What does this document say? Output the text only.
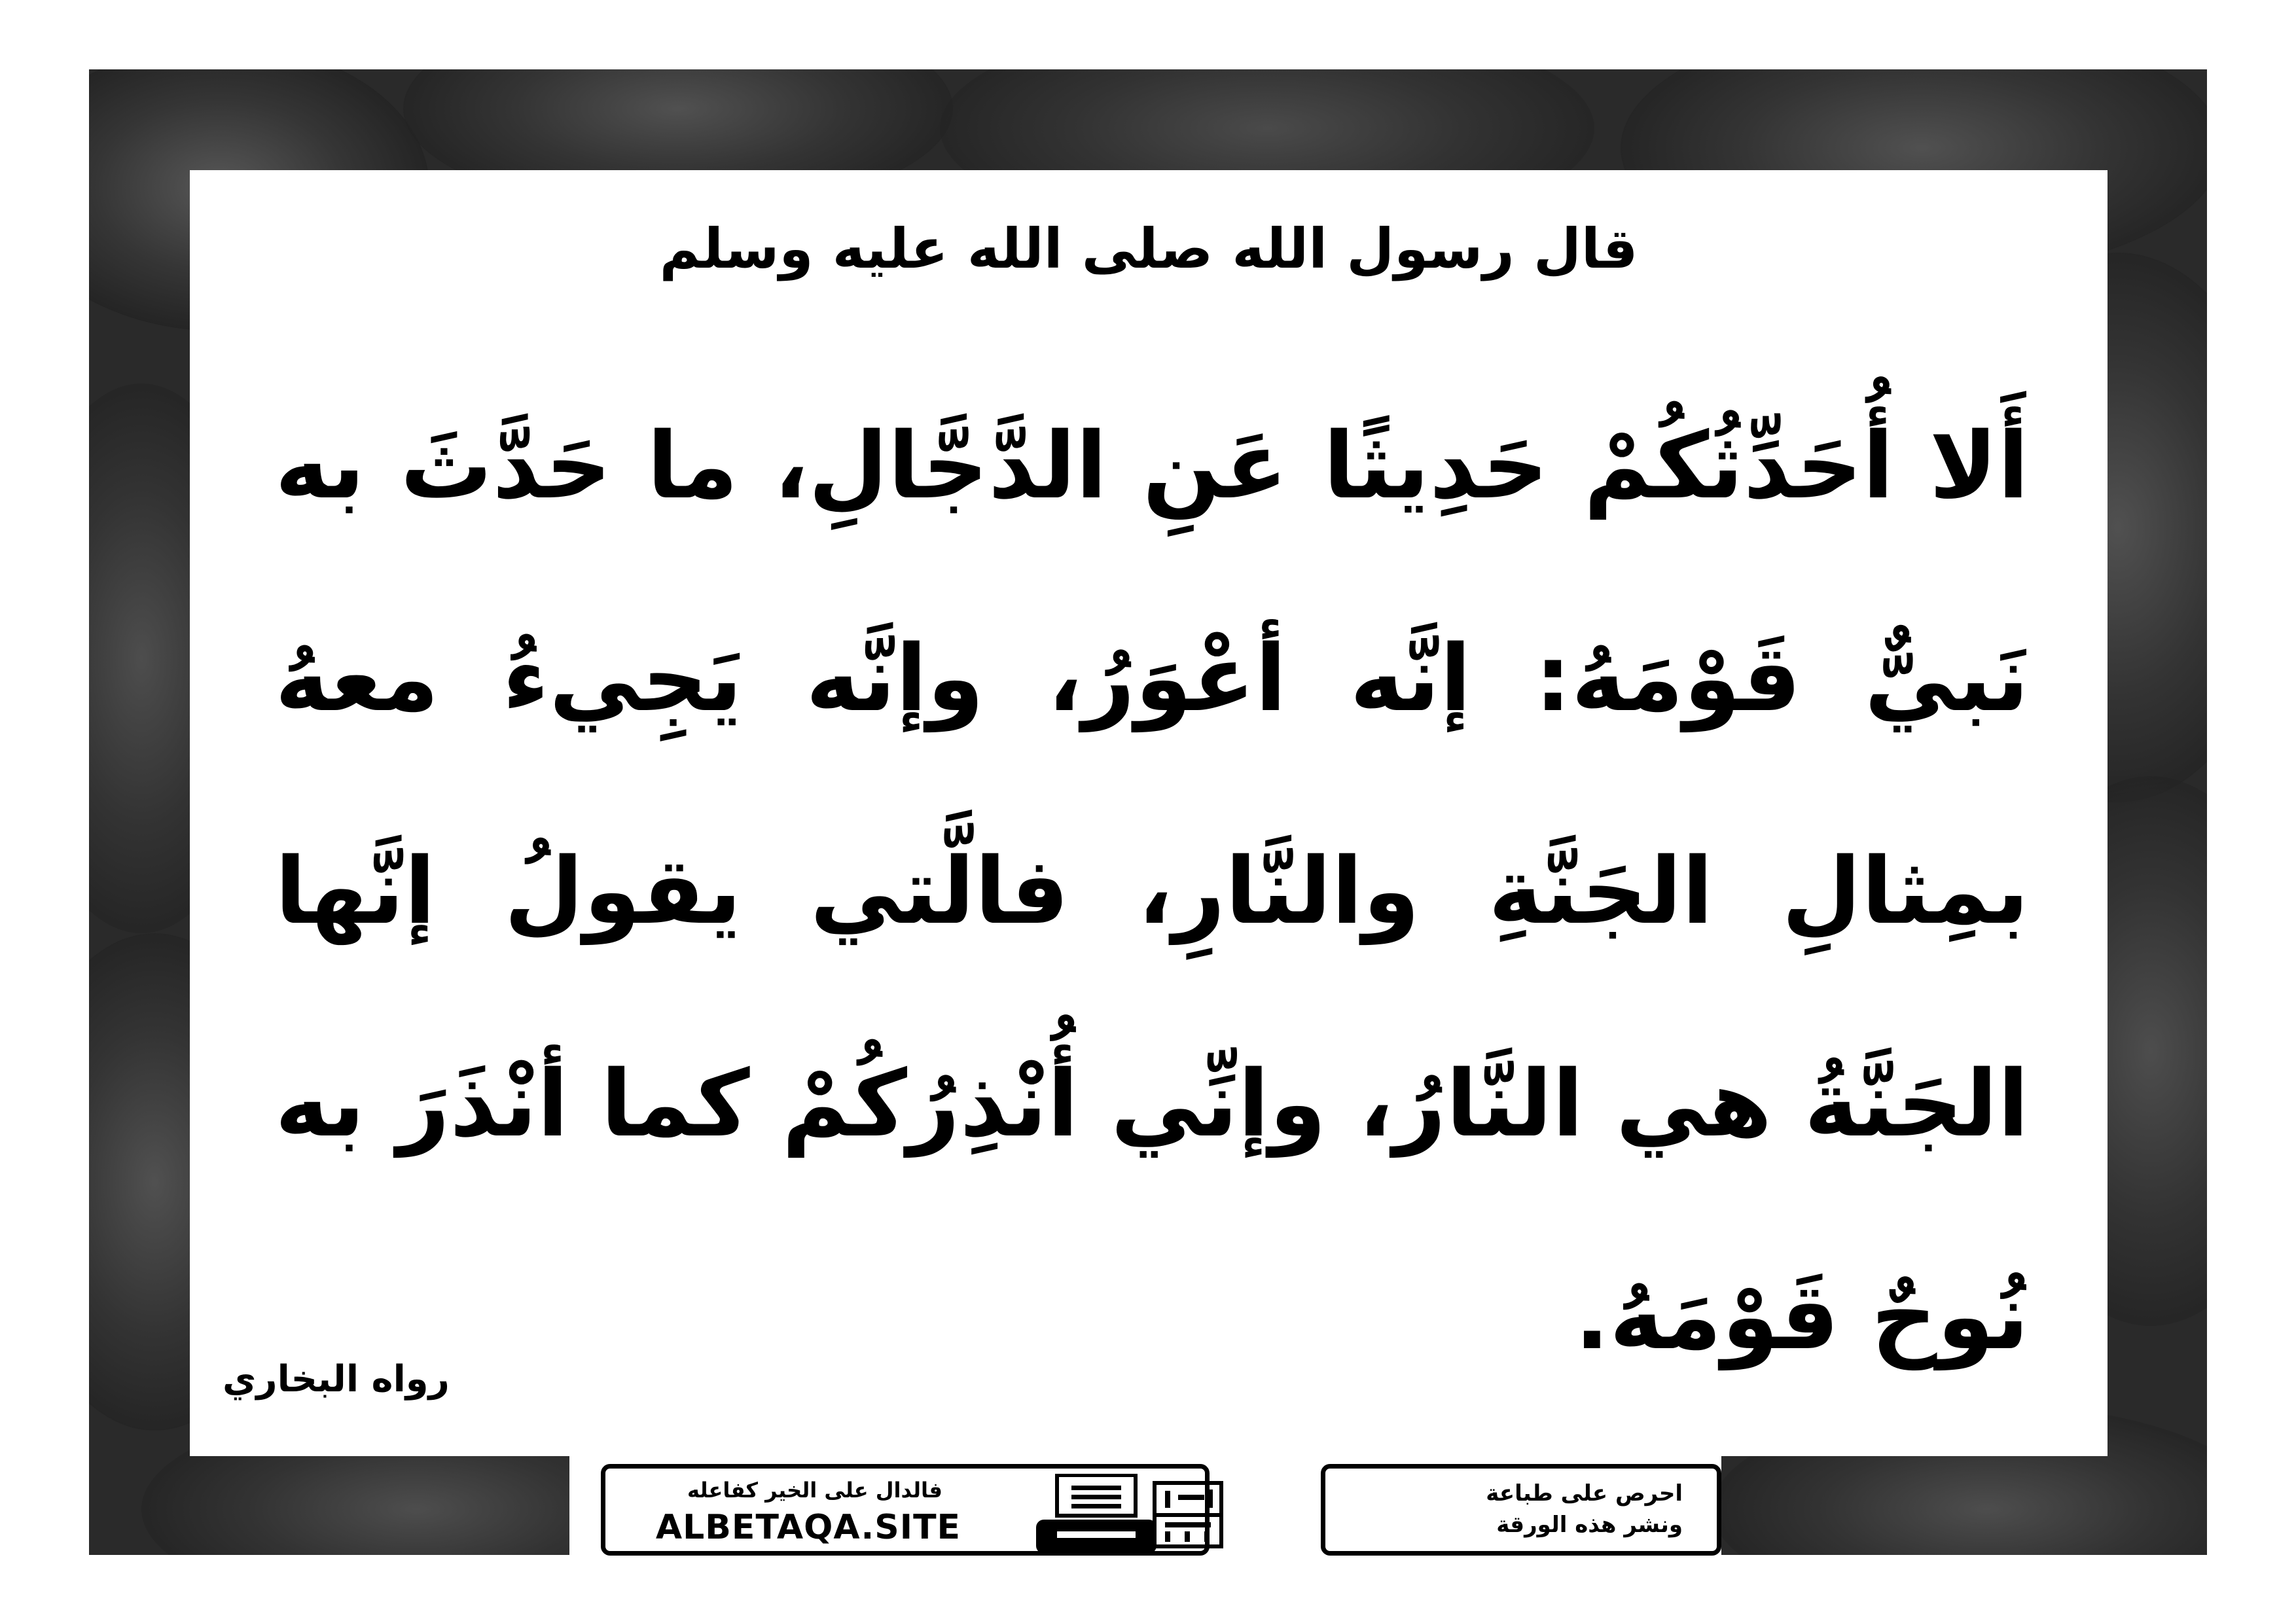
قال رسول الله صلى الله عليه وسلم
أَلا أُحَدِّثُكُمْ حَدِيثًا عَنِ الدَّجَّالِ، ما حَدَّثَ به نَبيٌّ قَوْمَهُ: إنَّه أعْوَرُ، وإنَّه يَجِيءُ معهُ بمِثالِ الجَنَّةِ والنَّارِ، فالَّتي يقولُ إنَّها الجَنَّةُ هي النَّارُ، وإنِّي أُنْذِرُكُمْ كما أنْذَرَ به نُوحٌ قَوْمَهُ.
رواه البخاري
فالدال على الخير كفاعله
ALBETAQA.SITE
احرص على طباعة
ونشر هذه الورقة
